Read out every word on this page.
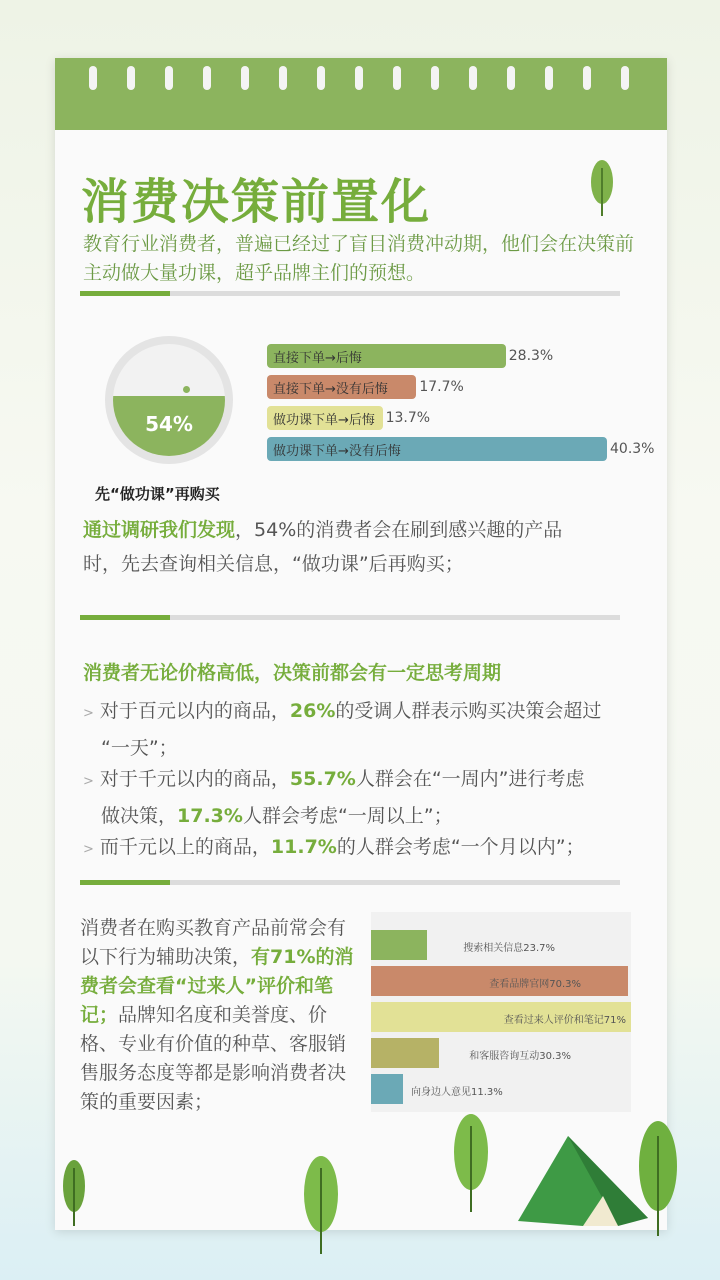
消费决策前置化
教育行业消费者，普遍已经过了盲目消费冲动期，他们会在决策前主动做大量功课，超乎品牌主们的预想。
54%
先“做功课”再购买
直接下单→后悔	28.3%
直接下单→没有后悔 17.7%
做功课下单→后悔 13.7%
做功课下单→没有后悔	40.3%
通过调研我们发现，54%的消费者会在刷到感兴趣的产品
时，先去查询相关信息，“做功课”后再购买；
消费者无论价格高低，决策前都会有一定思考周期
> 对于百元以内的商品，26%的受调人群表示购买决策会超过
“一天”；
> 对于千元以内的商品，55.7%人群会在“一周内”进行考虑
做决策，17.3%人群会考虑“一周以上”；
> 而千元以上的商品，11.7%的人群会考虑“一个月以内”；
消费者在购买教育产品前常会有以下行为辅助决策，有71%的消费者会查看“过来人”评价和笔记；品牌知名度和美誉度、价格、专业有价值的种草、客服销售服务态度等都是影响消费者决策的重要因素；
搜索相关信息23.7%
查看品牌官网70.3%
查看过来人评价和笔记71%
和客服咨询互动30.3%
向身边人意见11.3%
